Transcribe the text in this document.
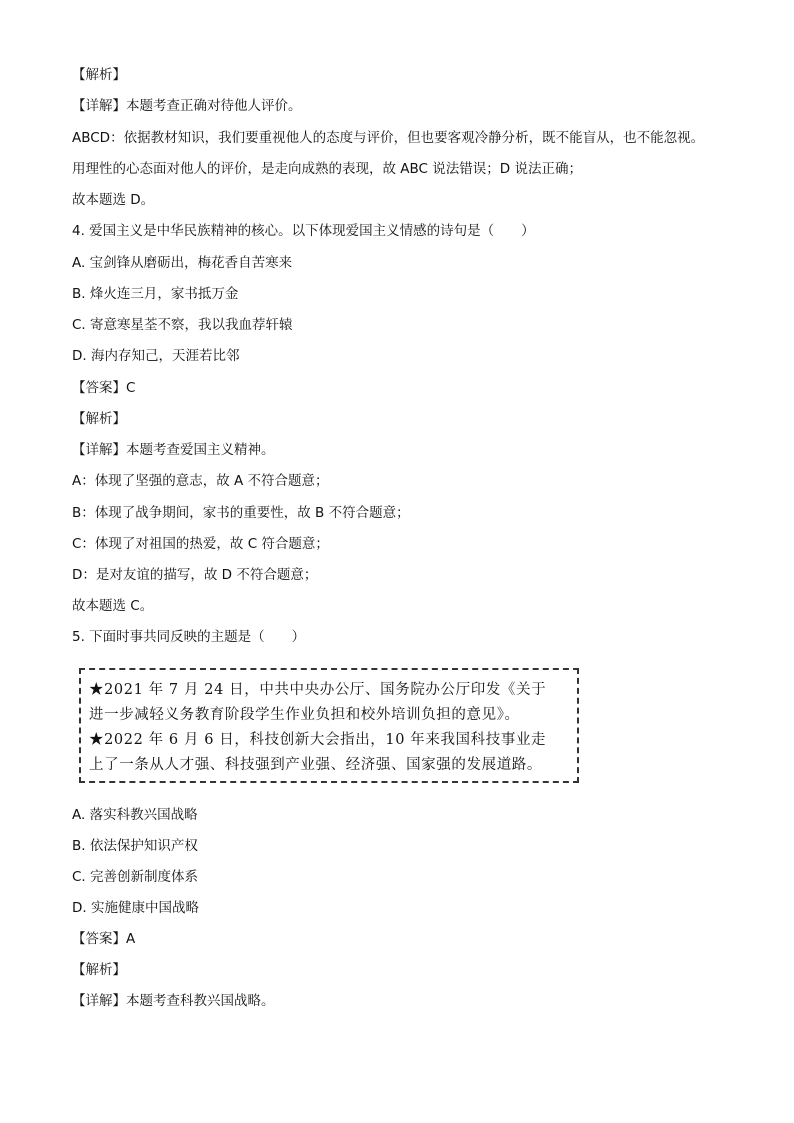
【解析】
【详解】本题考查正确对待他人评价。
ABCD：依据教材知识，我们要重视他人的态度与评价，但也要客观冷静分析，既不能盲从，也不能忽视。
用理性的心态面对他人的评价，是走向成熟的表现，故 ABC 说法错误；D 说法正确；
故本题选 D。
4. 爱国主义是中华民族精神的核心。以下体现爱国主义情感的诗句是（　　）
A. 宝剑锋从磨砺出，梅花香自苦寒来
B. 烽火连三月，家书抵万金
C. 寄意寒星荃不察，我以我血荐轩辕
D. 海内存知己，天涯若比邻
【答案】C
【解析】
【详解】本题考查爱国主义精神。
A：体现了坚强的意志，故 A 不符合题意；
B：体现了战争期间，家书的重要性，故 B 不符合题意；
C：体现了对祖国的热爱，故 C 符合题意；
D：是对友谊的描写，故 D 不符合题意；
故本题选 C。
5. 下面时事共同反映的主题是（　　）
★2021 年 7 月 24 日，中共中央办公厅、国务院办公厅印发《关于
进一步减轻义务教育阶段学生作业负担和校外培训负担的意见》。
★2022 年 6 月 6 日，科技创新大会指出，10 年来我国科技事业走
上了一条从人才强、科技强到产业强、经济强、国家强的发展道路。
A. 落实科教兴国战略
B. 依法保护知识产权
C. 完善创新制度体系
D. 实施健康中国战略
【答案】A
【解析】
【详解】本题考查科教兴国战略。
